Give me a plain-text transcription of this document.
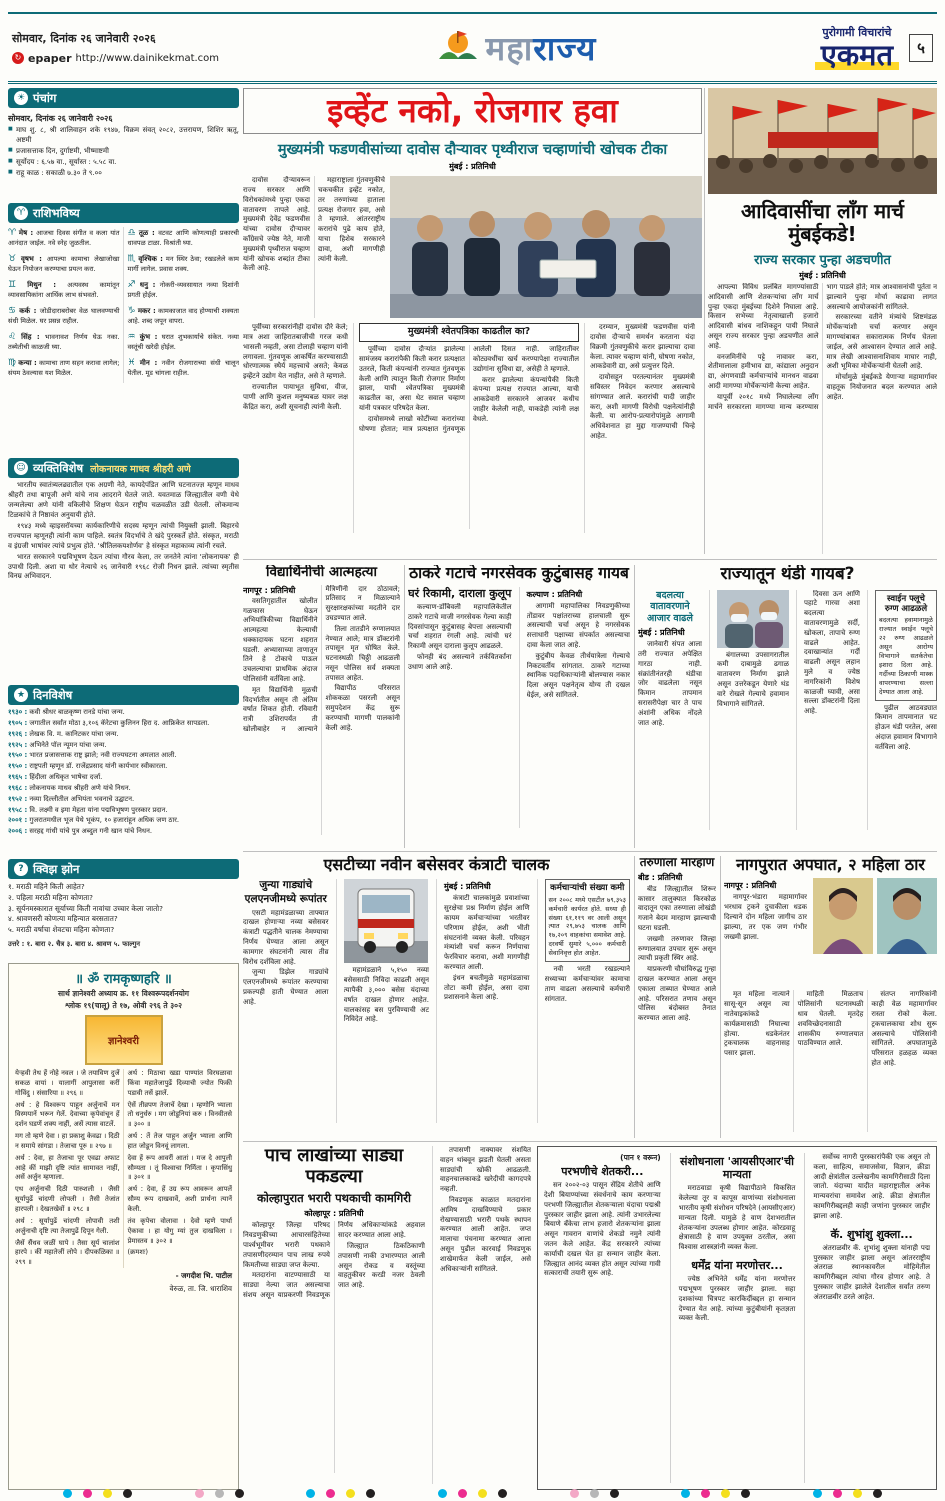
सोमवार, दिनांक २६ जानेवारी २०२६
↻ epaper http://www.dainikekmat.com	महाराज्य	पुरोगामी विचारांचे
एकमत	५
☀ पंचांग
सोमवार, दिनांक २६ जानेवारी २०२६

■ माघ शु. ८, श्री शालिवाहन शके १९४७, विक्रम संवत् २०८२, उत्तरायण, शिशिर ऋतू, अष्टमी

■ प्रजासत्ताक दिन, दुर्गाष्टमी, भीष्माष्टमी

■ सूर्योदय : ६.५७ वा., सूर्यास्त : ५.५८ वा.

■ राहू काळ : सकाळी ७.३० ते ९.००

♈ राशिभविष्य
♈ मेष : आजचा दिवस संगीत व कला यांत आनंदात जाईल. नवे स्नेह जुळतील.
♉ वृषभ : आपल्या कामाचा लेखाजोखा घेऊन नियोजन करण्याचा प्रयत्न करा.
♊ मिथुन : अत्यवस्थ कामांतून व्यावसायिकांना आर्थिक लाभ संभवतो.
♋ कर्क : जोडीदाराबरोबर वेळ घालवण्याची संधी मिळेल. घर प्रसन्न राहील.
♌ सिंह : भावनावश निर्णय घेऊ नका. तब्येतीची काळजी घ्या.
♍ कन्या : कामाचा ताण सहन करावा लागेल; संयम ठेवल्यास यश मिळेल.
♎ तूळ : वटवट आणि कोणत्याही प्रकारची धावपळ टाळा. विश्रांती घ्या.
♏ वृश्चिक : मन स्थिर ठेवा; रखडलेले काम मार्गी लागेल. प्रवास शक्य.
♐ धनु : नोकरी-व्यवसायात नव्या दिशांनी प्रगती होईल.
♑ मकर : कामकाजात वाद होण्याची शक्यता आहे. शब्द जपून वापरा.
♒ कुंभ : घरात शुभकार्याचे संकेत. नव्या वस्तूंची खरेदी होईल.
♓ मीन : नवीन रोजगाराच्या संधी चालून येतील. मूड चांगला राहील.
☺ व्यक्तिविशेष लोकनायक माधव श्रीहरी अणे

भारतीय स्वातंत्र्यलढ्यातील एक अग्रणी नेते, कायदेपंडित आणि घटनातज्ज्ञ म्हणून माधव श्रीहरी तथा बापूजी अणे यांचे नाव आदराने घेतले जाते. यवतमाळ जिल्ह्यातील वणी येथे जन्मलेल्या अणे यांनी वकिलीचे शिक्षण घेऊन राष्ट्रीय चळवळीत उडी घेतली. लोकमान्य टिळकांचे ते निष्ठावंत अनुयायी होते.

१९४३ मध्ये व्हाइसरॉयच्या कार्यकारिणीचे सदस्य म्हणून त्यांची नियुक्ती झाली. बिहारचे राज्यपाल म्हणूनही त्यांनी काम पाहिले. स्वतंत्र विदर्भाचे ते खंदे पुरस्कर्ते होते. संस्कृत, मराठी व इंग्रजी भाषांवर त्यांचे प्रभुत्व होते. 'श्रीतिलकयशोर्णव' हे संस्कृत महाकाव्य त्यांनी रचले.

भारत सरकारने पद्मविभूषण देऊन त्यांचा गौरव केला, तर जनतेने त्यांना 'लोकनायक' ही उपाधी दिली. अशा या थोर नेत्याचे २६ जानेवारी १९६८ रोजी निधन झाले. त्यांच्या स्मृतीस विनम्र अभिवादन.

★ दिनविशेष

१९३० : कवी श्रीधर बाळकृष्ण रानडे यांचा जन्म.

१९०५ : जगातील सर्वांत मोठा ३,१०६ कॅरेटचा कुलिनन हिरा द. आफ्रिकेत सापडला.

१९२६ : लेखक वि. म. कानिटकर यांचा जन्म.

१९२५ : अभिनेते पॉल न्यूमन यांचा जन्म.

१९५० : भारत प्रजासत्ताक राष्ट्र झाले; नवी राज्यघटना अमलात आली.

१९५० : राष्ट्रपती म्हणून डॉ. राजेंद्रप्रसाद यांनी कार्यभार स्वीकारला.

१९६५ : हिंदीला अधिकृत भाषेचा दर्जा.

१९६८ : लोकनायक माधव श्रीहरी अणे यांचे निधन.

१९५२ : नव्या दिल्लीतील अभियंता भवनाचे उद्घाटन.

१९५८ : वि. लक्ष्मी व इमा मेहता यांना पद्मविभूषण पुरस्कार प्रदान.

२००१ : गुजरातमधील भूज येथे भूकंप, १० हजारांहून अधिक जण ठार.

२००६ : सरहद्द गांधी यांचे पुत्र अब्दुल गनी खान यांचे निधन.

? क्विझ झोन

१. मराठी महिने किती आहेत?

२. पहिला मराठी महिना कोणता?

३. सूर्यनमस्कारात सूर्याच्या किती नावांचा उच्चार केला जातो?

४. श्रावणसरी कोणत्या महिन्यात बरसतात?

५. मराठी वर्षाचा शेवटचा महिना कोणता?

उत्तरे : १. बारा २. चैत्र ३. बारा ४. श्रावण ५. फाल्गुन

॥ ॐ रामकृष्णहरि ॥
सार्थ ज्ञानेश्वरी अध्याय क्र. ११ विश्वरूपदर्शनयोग
श्लोक १९(चालू) ते १७, ओवी २९६ ते ३०२
ज्ञानेश्वरी

येर्‍हवी तेथ हें नोहे नवल । जे तयाविण दुजें सकळ वायां । यालागीं आपुलासा करीं गोविंदु । संसारिया ॥ २९६ ॥

अर्थ : हे विश्वरूप पाहून अर्जुनाचें मन विस्मयानें भरून गेलें. देवाच्या कृपेवांचून हें दर्शन घडणें शक्य नाहीं, असें त्यास वाटलें.

मग तो म्हणे देवा । हा प्रकाशु केवढा । दिठी न समाये सांगडा । तेजाचा पूरु ॥ २९७ ॥

अर्थ : देवा, हा तेजाचा पूर एवढा अफाट आहे कीं माझी दृष्टि त्यांत सामावत नाहीं, असें अर्जुन म्हणाला.

एथ अर्जुनाची दिठी पारुशली । जैसी सूर्यापुढें चांदणी लोपली । तैसी तेजांत हारपली । देखतखेवों ॥ २९८ ॥

अर्थ : सूर्यापुढें चांदणी लोपावी तशी अर्जुनाची दृष्टि त्या तेजापुढें दिपून गेली.

जैसें सैंधव जळीं घापे । तैसा सूर्य चालांश हारपे । कीं महातेजीं लोपे । दीपकळिका ॥ २९९ ॥

अर्थ : मिठाचा खडा पाण्यांत विरघळावा किंवा महातेजापुढें दिव्याची ज्योत फिकी पडावी तसें झालें.

ऐसें तीव्रपण तेजाचें देखा । म्हणोनि भ्याला तो धनुर्धरु । मग जोडूनियां करु । विनवीतसे ॥ ३०० ॥

अर्थ : तें तेज पाहून अर्जुन भ्याला आणि हात जोडून विनवूं लागला.

देवा हें रूप आवरीं आतां । मज दे आपुली सौम्यता । तूं विश्वाचा निर्मिता । कृपासिंधु ॥ ३०१ ॥

अर्थ : देवा, हें उग्र रूप आवरून आपलें सौम्य रूप दाखवावें, अशी प्रार्थना त्यानें केली.

तंव कृपेचा वोलावा । देवो म्हणे पार्था ऐकावा । हा योगु म्यां तुज दाखविला । प्रेमास्तव ॥ ३०२ ॥

(क्रमशः)

- जगदीश भि. पाटील
वेरुळ, ता. जि. धाराशिव
इव्हेंट नको, रोजगार हवा
मुख्यमंत्री फडणवीसांच्या दावोस दौऱ्यावर पृथ्वीराज चव्हाणांची खोचक टीका
मुंबई : प्रतिनिधी

दावोस दौऱ्यावरून राज्य सरकार आणि विरोधकांमध्ये पुन्हा एकदा वातावरण तापले आहे. मुख्यमंत्री देवेंद्र फडणवीस यांच्या दावोस दौऱ्यावर काँग्रेसचे ज्येष्ठ नेते, माजी मुख्यमंत्री पृथ्वीराज चव्हाण यांनी खोचक शब्दांत टीका केली आहे.

महाराष्ट्राला गुंतवणुकीचे चकचकीत इव्हेंट नकोत, तर तरुणांच्या हाताला प्रत्यक्ष रोजगार हवा, असे ते म्हणाले. आंतरराष्ट्रीय करारांचे पुढे काय होते, याचा हिशेब सरकारने द्यावा, अशी मागणीही त्यांनी केली.

पूर्वीच्या सरकारांनीही दावोस दौरे केले; मात्र अशा जाहिरातबाजीची गरज कधी भासली नव्हती, असा टोलाही चव्हाण यांनी लगावला. गुंतवणूक आकर्षित करण्यासाठी धोरणात्मक स्थैर्य महत्त्वाचे असते; केवळ इव्हेंटने उद्योग येत नाहीत, असे ते म्हणाले.

राज्यातील पायाभूत सुविधा, वीज, पाणी आणि कुशल मनुष्यबळ यावर लक्ष केंद्रित करा, अशी सूचनाही त्यांनी केली.

मुख्यमंत्री श्वेतपत्रिका काढतील का?

पूर्वीच्या दावोस दौऱ्यांत झालेल्या सामंजस्य करारांपैकी किती करार प्रत्यक्षात उतरले, किती कंपन्यांनी राज्यात गुंतवणूक केली आणि त्यातून किती रोजगार निर्माण झाला, याची श्वेतपत्रिका मुख्यमंत्री काढतील का, असा थेट सवाल चव्हाण यांनी पत्रकार परिषदेत केला.

दावोसमध्ये लाखो कोटींच्या करारांच्या घोषणा होतात; मात्र प्रत्यक्षात गुंतवणूक आलेली दिसत नाही. जाहिरातींवर कोट्यवधींचा खर्च करण्यापेक्षा राज्यातील उद्योगांना सुविधा द्या, असेही ते म्हणाले.

करार झालेल्या कंपन्यांपैकी किती कंपन्या प्रत्यक्ष राज्यात आल्या, याची आकडेवारी सरकारने आजवर कधीच जाहीर केलेली नाही, याकडेही त्यांनी लक्ष वेधले.

दरम्यान, मुख्यमंत्री फडणवीस यांनी दावोस दौऱ्याचे समर्थन करताना यंदा विक्रमी गुंतवणुकीचे करार झाल्याचा दावा केला. त्यावर चव्हाण यांनी, घोषणा नकोत, आकडेवारी द्या, असे प्रत्युत्तर दिले.

दावोसहून परतल्यानंतर मुख्यमंत्री सविस्तर निवेदन करणार असल्याचे सांगण्यात आले. करारांची यादी जाहीर करा, अशी मागणी विरोधी पक्षनेत्यांनीही केली. या आरोप-प्रत्यारोपांमुळे आगामी अधिवेशनात हा मुद्दा गाजण्याची चिन्हे आहेत.

आदिवासींचा लाँग मार्च मुंबईकडे!
राज्य सरकार पुन्हा अडचणीत
मुंबई : प्रतिनिधी

आपल्या विविध प्रलंबित मागण्यांसाठी आदिवासी आणि शेतकऱ्यांचा लाँग मार्च पुन्हा एकदा मुंबईच्या दिशेने निघाला आहे. किसान सभेच्या नेतृत्वाखाली हजारो आदिवासी बांधव नाशिकहून पायी निघाले असून राज्य सरकार पुन्हा अडचणीत आले आहे.

वनजमिनींचे पट्टे नावावर करा, शेतीमालाला हमीभाव द्या, कांद्याला अनुदान द्या, अंगणवाडी कर्मचाऱ्यांचे मानधन वाढवा आदी मागण्या मोर्चेकऱ्यांनी केल्या आहेत.

यापूर्वी २०१८ मध्ये निघालेल्या लाँग मार्चने सरकारला मागण्या मान्य करण्यास भाग पाडले होते; मात्र आश्वासनांची पूर्तता न झाल्याने पुन्हा मोर्चा काढावा लागत असल्याचे आयोजकांनी सांगितले.

सरकारच्या वतीने मंत्र्यांचे शिष्टमंडळ मोर्चेकऱ्यांशी चर्चा करणार असून मागण्यांबाबत सकारात्मक निर्णय घेतला जाईल, असे आश्वासन देण्यात आले आहे. मात्र लेखी आश्वासनाशिवाय माघार नाही, अशी भूमिका मोर्चेकऱ्यांनी घेतली आहे.

मोर्चामुळे मुंबईकडे येणाऱ्या महामार्गावर वाहतूक नियोजनात बदल करण्यात आले आहेत.

विद्यार्थिनीची आत्महत्या

नागपूर : प्रतिनिधी

वसतिगृहातील खोलीत गळफास घेऊन अभियांत्रिकीच्या विद्यार्थिनीने आत्महत्या केल्याची धक्कादायक घटना शहरात घडली. अभ्यासाच्या ताणातून तिने हे टोकाचे पाऊल उचलल्याचा प्राथमिक अंदाज पोलिसांनी वर्तविला आहे.

मृत विद्यार्थिनी मूळची विदर्भातील असून ती अंतिम वर्षात शिकत होती. रविवारी रात्री उशिरापर्यंत ती खोलीबाहेर न आल्याने मैत्रिणींनी दार ठोठावले; प्रतिसाद न मिळाल्याने सुरक्षारक्षकांच्या मदतीने दार उघडण्यात आले.

तिला तातडीने रुग्णालयात नेण्यात आले; मात्र डॉक्टरांनी तपासून मृत घोषित केले. घटनास्थळी चिठ्ठी आढळली नसून पोलिस सर्व शक्यता तपासत आहेत.

विद्यापीठ परिसरात शोककळा पसरली असून समुपदेशन केंद्र सुरू करण्याची मागणी पालकांनी केली आहे.

ठाकरे गटाचे नगरसेवक कुटुंबासह गायब
घरं रिकामी, दाराला कुलूप

कल्याण-डोंबिवली महापालिकेतील ठाकरे गटाचे माजी नगरसेवक गेल्या काही दिवसांपासून कुटुंबासह बेपत्ता असल्याची चर्चा शहरात रंगली आहे. त्यांची घरं रिकामी असून दाराला कुलूप आढळले.

फोनही बंद असल्याने तर्कवितर्कांना उधाण आले आहे.

कल्याण : प्रतिनिधी

आगामी महापालिका निवडणुकीच्या तोंडावर पक्षांतराच्या हालचाली सुरू असल्याची चर्चा असून हे नगरसेवक सत्ताधारी पक्षाच्या संपर्कात असल्याचा दावा केला जात आहे.

कुटुंबीय केवळ तीर्थयात्रेला गेल्याचे निकटवर्तीय सांगतात. ठाकरे गटाच्या स्थानिक पदाधिकाऱ्यांनी बोलण्यास नकार दिला असून पक्षनेतृत्व योग्य ती दखल घेईल, असे सांगितले.

राज्यातून थंडी गायब?
बदलत्या वातावरणाने आजार वाढले

मुंबई : प्रतिनिधी

जानेवारी संपत आला तरी राज्यात अपेक्षित गारठा नाही. संक्रांतीनंतरही थंडीचा जोर वाढलेला नसून किमान तापमान सरासरीपेक्षा चार ते पाच अंशांनी अधिक नोंदले जात आहे.

बंगालच्या उपसागरातील कमी दाबामुळे ढगाळ वातावरण निर्माण झाले असून उत्तरेकडून येणारे थंड वारे रोखले गेल्याचे हवामान विभागाने सांगितले.

दिवसा ऊन आणि पहाटे गारवा अशा बदलत्या वातावरणामुळे सर्दी, खोकला, तापाचे रुग्ण वाढले आहेत. दवाखान्यांत गर्दी वाढली असून लहान मुले व ज्येष्ठ नागरिकांनी विशेष काळजी घ्यावी, असा सल्ला डॉक्टरांनी दिला आहे.

स्वाईन फ्लूचे रुग्ण आढळले
बदलत्या हवामानामुळे राज्यात स्वाईन फ्लूचे २२ रुग्ण आढळले असून आरोग्य विभागाने सतर्कतेचा इशारा दिला आहे. गर्दीच्या ठिकाणी मास्क वापरण्याचा सल्ला देण्यात आला आहे.

पुढील आठवड्यात किमान तापमानात घट होऊन थंडी परतेल, असा अंदाज हवामान विभागाने वर्तविला आहे.

एसटीच्या नवीन बसेसवर कंत्राटी चालक
जुन्या गाड्यांचे एलएनजीमध्ये रूपांतर

एसटी महामंडळाच्या ताफ्यात दाखल होणाऱ्या नव्या बसेसवर कंत्राटी पद्धतीने चालक नेमण्याचा निर्णय घेण्यात आला असून कामगार संघटनांनी त्यास तीव्र विरोध दर्शविला आहे.

जुन्या डिझेल गाड्यांचे एलएनजीमध्ये रूपांतर करण्याचा प्रकल्पही हाती घेण्यात आला आहे.

महामंडळाने ५,१५० नव्या बसेससाठी निविदा काढली असून त्यापैकी ३,००० बसेस यंदाच्या वर्षात दाखल होणार आहेत. चालकांसह बस पुरविण्याची अट निविदेत आहे.

मुंबई : प्रतिनिधी

कंत्राटी चालकांमुळे प्रवाशांच्या सुरक्षेचा प्रश्न निर्माण होईल आणि कायम कर्मचाऱ्यांच्या भरतीवर परिणाम होईल, अशी भीती संघटनांनी व्यक्त केली. परिवहन मंत्र्यांशी चर्चा करून निर्णयाचा फेरविचार करावा, अशी मागणीही करण्यात आली.

इंधन बचतीमुळे महामंडळाचा तोटा कमी होईल, असा दावा प्रशासनाने केला आहे.

कर्मचाऱ्यांची संख्या कमी
सन २००८ मध्ये एसटीत ७९,३५३ कर्मचारी कार्यरत होते. सध्या ही संख्या ६१,११९ वर आली असून त्यात २९,७५३ चालक आणि १७,२०९ वाहकांचा समावेश आहे. दरवर्षी सुमारे ५,००० कर्मचारी सेवानिवृत्त होत आहेत.

नवी भरती रखडल्याने सध्याच्या कर्मचाऱ्यांवर कामाचा ताण वाढला असल्याचे कर्मचारी सांगतात.

तरुणाला मारहाण

बीड : प्रतिनिधी

बीड जिल्ह्यातील शिरूर कासार तालुक्यात किरकोळ वादातून एका तरुणाला लोखंडी गजाने बेदम मारहाण झाल्याची घटना घडली.

जखमी तरुणावर जिल्हा रुग्णालयात उपचार सुरू असून त्याची प्रकृती स्थिर आहे.

याप्रकरणी चौघांविरुद्ध गुन्हा दाखल करण्यात आला असून एकाला ताब्यात घेण्यात आले आहे. परिसरात तणाव असून पोलिस बंदोबस्त तैनात करण्यात आला आहे.

नागपुरात अपघात, २ महिला ठार

नागपूर : प्रतिनिधी

नागपूर-भंडारा महामार्गावर भरधाव ट्रकने दुचाकीला धडक दिल्याने दोन महिला जागीच ठार झाल्या, तर एक जण गंभीर जखमी झाला.

मृत महिला नात्याने सासू-सून असून त्या नातेवाइकांकडे कार्यक्रमासाठी निघाल्या होत्या. धडकेनंतर ट्रकचालक वाहनासह पसार झाला.

माहिती मिळताच पोलिसांनी घटनास्थळी धाव घेतली. मृतदेह शवविच्छेदनासाठी शासकीय रुग्णालयात पाठविण्यात आले.

संतप्त नागरिकांनी काही वेळ महामार्गावर रास्ता रोको केला. ट्रकचालकाचा शोध सुरू असल्याचे पोलिसांनी सांगितले. अपघातामुळे परिसरात हळहळ व्यक्त होत आहे.

पाच लाखांच्या साड्या पकडल्या
कोल्हापुरात भरारी पथकाची कामगिरी

कोल्हापूर : प्रतिनिधी

कोल्हापूर जिल्हा परिषद निवडणुकीच्या आचारसंहितेच्या पार्श्वभूमीवर भरारी पथकाने तपासणीदरम्यान पाच लाख रुपये किमतीच्या साड्या जप्त केल्या.

मतदारांना वाटण्यासाठी या साड्या नेल्या जात असल्याचा संशय असून याप्रकरणी निवडणूक निर्णय अधिकाऱ्यांकडे अहवाल सादर करण्यात आला आहे.

जिल्ह्यात ठिकठिकाणी तपासणी नाकी उभारण्यात आली असून रोकड व वस्तूंच्या वाहतुकीवर करडी नजर ठेवली जात आहे.

तपासणी नाक्यावर संशयित वाहन थांबवून झडती घेतली असता साड्यांची खोकी आढळली. वाहनचालकाकडे खरेदीची कागदपत्रे नव्हती.

निवडणूक काळात मतदारांना आमिष दाखविण्याचे प्रकार रोखण्यासाठी भरारी पथके स्थापन करण्यात आली आहेत. जप्त मालाचा पंचनामा करण्यात आला असून पुढील कारवाई निवडणूक शाखेमार्फत केली जाईल, असे अधिकाऱ्यांनी सांगितले.

(पान १ वरून)
परभणीचे शेतकरी...

सन २००२-०३ पासून सेंद्रिय शेतीचे आणि देशी बियाण्यांच्या संवर्धनाचे काम करणाऱ्या परभणी जिल्ह्यातील शेतकऱ्याला यंदाचा पद्मश्री पुरस्कार जाहीर झाला आहे. त्यांनी उभारलेल्या बियाणे बँकेचा लाभ हजारो शेतकऱ्यांना झाला असून गावरान वाणांचे शेकडो नमुने त्यांनी जतन केले आहेत. केंद्र सरकारने त्यांच्या कार्याची दखल घेत हा सन्मान जाहीर केला. जिल्ह्यात आनंद व्यक्त होत असून त्यांच्या गावी सत्काराची तयारी सुरू आहे.

संशोधनाला 'आयसीएआर'ची मान्यता

मराठवाडा कृषी विद्यापीठाने विकसित केलेल्या तूर व कापूस वाणांच्या संशोधनाला भारतीय कृषी संशोधन परिषदेने (आयसीएआर) मान्यता दिली. यामुळे हे वाण देशभरातील शेतकऱ्यांना उपलब्ध होणार आहेत. कोरडवाहू क्षेत्रासाठी हे वाण उपयुक्त ठरतील, असा विश्वास शास्त्रज्ञांनी व्यक्त केला.

धर्मेंद्र यांना मरणोत्तर...

ज्येष्ठ अभिनेते धर्मेंद्र यांना मरणोत्तर पद्मभूषण पुरस्कार जाहीर झाला. सहा दशकांच्या चित्रपट कारकिर्दीबद्दल हा सन्मान देण्यात येत आहे. त्यांच्या कुटुंबीयांनी कृतज्ञता व्यक्त केली.

सर्वोच्च नागरी पुरस्कारांपैकी एक असून तो कला, साहित्य, समाजसेवा, विज्ञान, क्रीडा आदी क्षेत्रांतील उल्लेखनीय कामगिरीसाठी दिला जातो. यंदाच्या यादीत महाराष्ट्रातील अनेक मान्यवरांचा समावेश आहे. क्रीडा क्षेत्रातील कामगिरीबद्दलही काही जणांना पुरस्कार जाहीर झाला आहे.

कॅ. शुभांशु शुक्ला...

अंतराळवीर कॅ. शुभांशु शुक्ला यांनाही पद्म पुरस्कार जाहीर झाला असून आंतरराष्ट्रीय अंतराळ स्थानकावरील मोहिमेतील कामगिरीबद्दल त्यांचा गौरव होणार आहे. ते पुरस्कार जाहीर झालेले देशातील सर्वांत तरुण अंतराळवीर ठरले आहेत.
